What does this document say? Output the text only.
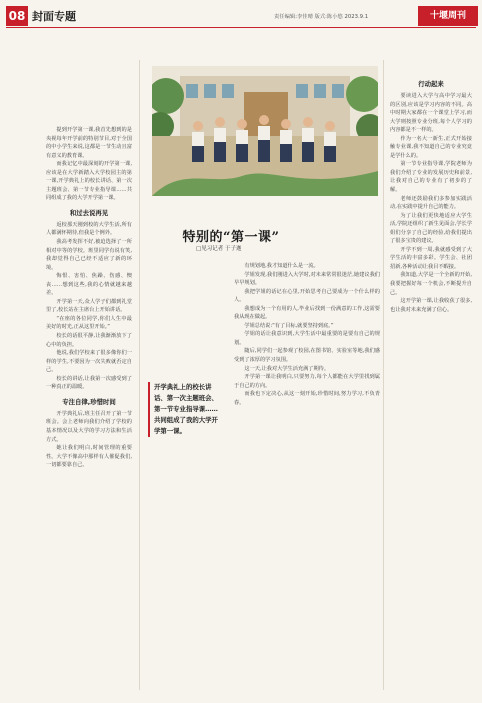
08 封面专题	责任编辑:李佳晴 版式:陈小悠 2023.9.1	十堰周刊
特别的“第一课”
□见习记者 于子迦
开学典礼上的校长讲话、第一次主题班会、第一节专业指导课……共同组成了我的大学开学第一课。

提到开学第一课,我首先想到的是央视每年开学前的特别节目,对于全国的中小学生来说,这都是一节生动且富有意义的教育课。

而我记忆中最深刻的开学第一课,应该是在大学新踏入大学校园主的第一课,开学典礼上的校长讲话、第一次主题班会、第一节专业指导课……共同组成了我的大学开学第一课。

和过去说再见

返校那天刚到校的大学生活,所有人都满怀期待,但我是个例外。

我高考发挥不好,被迫选择了一所相对中等的学校。班里同学有说有笑,我却觉得自己已经不适应了新的环境。

悔恨、害怕、焦躁、伤感、懊丧……想到这些,我的心情就越来越差。

开学第一天,众人学子们都到礼堂里了,校长站在主席台上开始讲话。

“在座的各位同学,你们人生中最美好的时光,正从这里开始。”

校长的话很平静,让我渐渐放下了心中的负担。

他说,我们学校来了很多像你们一样的学生,不要因为一次失败就否定自己。

校长的讲话,让我第一次感受到了一种真正的温暖。

专注自律,珍惜时间

开学典礼后,班主任召开了第一节班会。会上老师向我们介绍了学校的基本情况以及大学的学习方法和生活方式。

她让我们明白,时间管理的重要性。大学不像高中那样有人催促我们,一切都要靠自己。

有规划地,我才知道什么是一流。

学姐发现,我们刚进入大学时,对未来常常很迷茫,她建议我们早早规划。

我把学姐的话记在心里,开始思考自己要成为一个什么样的人。

我想成为一个有用的人,毕业后找到一份满意的工作,这需要我从现在做起。

学姐总结说:“有了目标,就要坚持到底。”

学姐的话让我意识到,大学生活中最重要的是要有自己的规划。

随后,同学们一起参观了校园,在图书馆、实验室等地,我们感受到了浓厚的学习氛围。

这一天,让我对大学生活充满了期待。

开学第一课让我明白,只要努力,每个人都能在大学里找到属于自己的方向。

而我也下定决心,从这一刻开始,珍惜时间,努力学习,不负青春。

行动起来

要读进入大学与高中学习最大的区别,应该是学习内容的不同。高中时期大家都在一个课堂上学习,而大学则按照专业分班,每个人学习的内容都是不一样的。

作为一名大一新生,正式开始接触专业课,我不知道自己的专业究竟是学什么的。

第一节专业指导课,学院老师为我们介绍了专业的发展历史和前景,让我对自己的专业有了初步的了解。

老师还鼓励我们多参加实践活动,在实践中提升自己的能力。

为了让我们更快地适应大学生活,学院还组织了新生见面会,学长学姐们分享了自己的经验,给我们提出了很多宝贵的建议。

开学不到一周,我就感受到了大学生活的丰富多彩。学生会、社团招新,各种活动让我目不暇接。

我知道,大学是一个全新的开始,我要把握好每一个机会,不断提升自己。

这开学第一课,让我收获了很多,也让我对未来充满了信心。
